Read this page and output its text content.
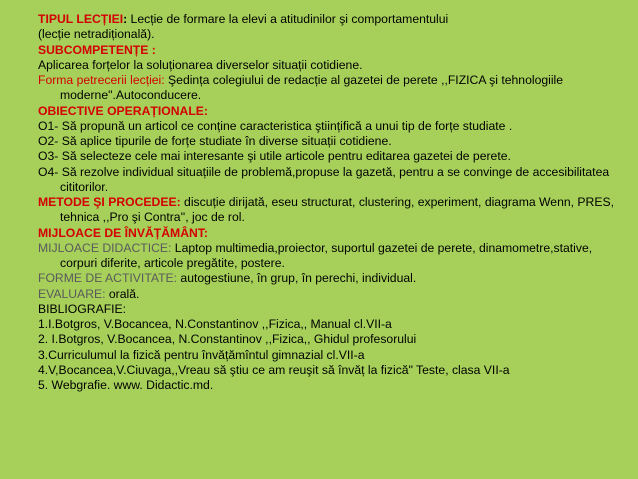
TIPUL LECȚIEI: Lecție de formare la elevi a atitudinilor şi comportamentului
(lecție netradițională).
SUBCOMPETENȚE :
Aplicarea forțelor la soluționarea diverselor situații cotidiene.
Forma petrecerii lecției: Şedința colegiului de redacție al gazetei de perete ,,FIZICA şi tehnologiile moderne".Autoconducere.
OBIECTIVE OPERAȚIONALE:
O1- Să propună un articol ce conține caracteristica ştiințifică a unui tip de forțe studiate .
O2- Să aplice tipurile de forțe studiate în diverse situații cotidiene.
O3- Să selecteze cele mai interesante şi utile articole pentru editarea gazetei de perete.
O4- Să rezolve individual situațiile de problemă,propuse la gazetă, pentru a se convinge de accesibilitatea cititorilor.
METODE ŞI PROCEDEE: discuție dirijată, eseu structurat, clustering, experiment, diagrama Wenn, PRES, tehnica ,,Pro şi Contra'', joc de rol.
MIJLOACE DE ÎNVĂȚĂMÂNT:
MIJLOACE DIDACTICE: Laptop multimedia,proiector, suportul gazetei de perete, dinamometre,stative, corpuri diferite, articole pregătite, postere.
FORME DE ACTIVITATE: autogestiune, în grup, în perechi, individual.
EVALUARE: orală.
BIBLIOGRAFIE:
1.I.Botgros, V.Bocancea, N.Constantinov ,,Fizica,, Manual cl.VII-a
2. I.Botgros, V.Bocancea, N.Constantinov ,,Fizica,, Ghidul profesorului
3.Curriculumul la fizică pentru învățămîntul gimnazial cl.VII-a
4.V,Bocancea,V.Ciuvaga,,Vreau să ştiu ce am reuşit să învăț la fizică" Teste, clasa VII-a
5. Webgrafie. www. Didactic.md.
